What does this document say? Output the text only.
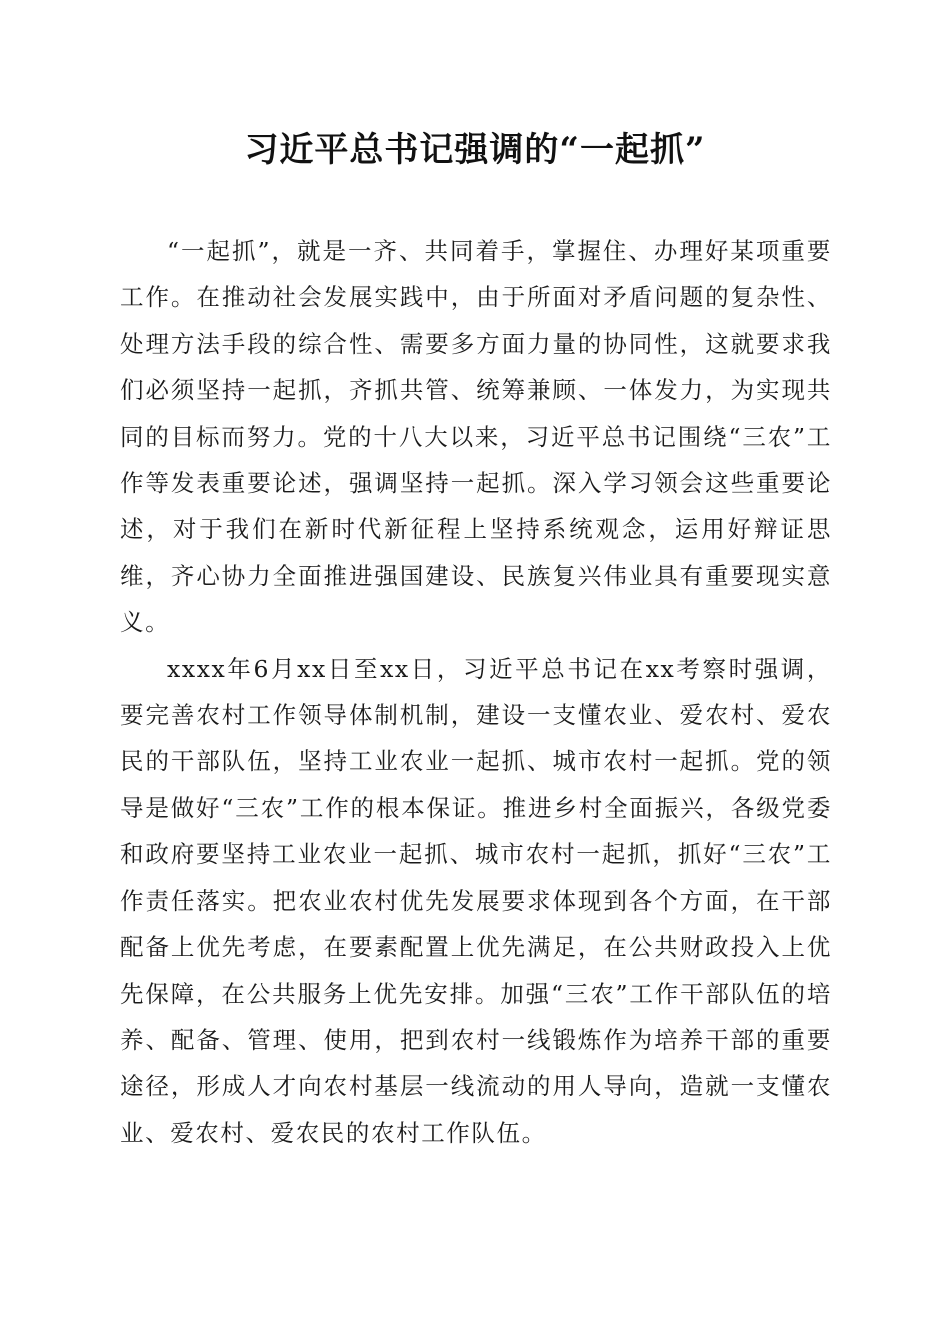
习近平总书记强调的“一起抓”

“一起抓”，就是一齐、共同着手，掌握住、办理好某项重要工作。在推动社会发展实践中，由于所面对矛盾问题的复杂性、处理方法手段的综合性、需要多方面力量的协同性，这就要求我们必须坚持一起抓，齐抓共管、统筹兼顾、一体发力，为实现共同的目标而努力。党的十八大以来，习近平总书记围绕“三农”工作等发表重要论述，强调坚持一起抓。深入学习领会这些重要论述，对于我们在新时代新征程上坚持系统观念，运用好辩证思维，齐心协力全面推进强国建设、民族复兴伟业具有重要现实意义。

xxxx年6月xx日至xx日，习近平总书记在xx考察时强调，要完善农村工作领导体制机制，建设一支懂农业、爱农村、爱农民的干部队伍，坚持工业农业一起抓、城市农村一起抓。党的领导是做好“三农”工作的根本保证。推进乡村全面振兴，各级党委和政府要坚持工业农业一起抓、城市农村一起抓，抓好“三农”工作责任落实。把农业农村优先发展要求体现到各个方面，在干部配备上优先考虑，在要素配置上优先满足，在公共财政投入上优先保障，在公共服务上优先安排。加强“三农”工作干部队伍的培养、配备、管理、使用，把到农村一线锻炼作为培养干部的重要途径，形成人才向农村基层一线流动的用人导向，造就一支懂农业、爱农村、爱农民的农村工作队伍。
